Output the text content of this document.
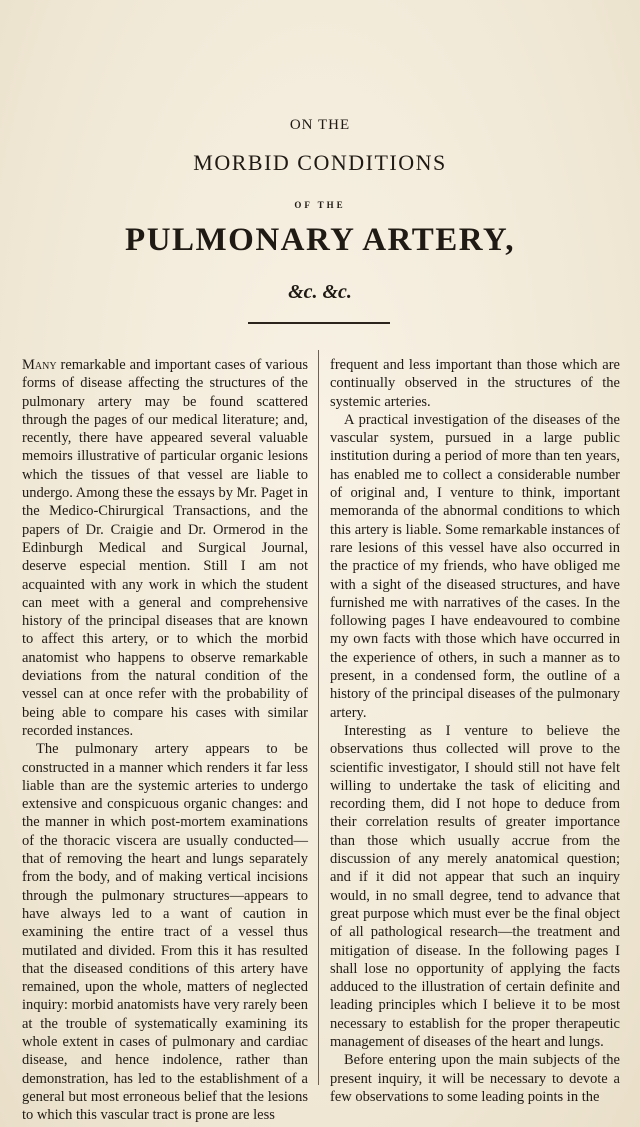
ON THE
MORBID CONDITIONS
OF THE
PULMONARY ARTERY,
&c. &c.

Many remarkable and important cases of various forms of disease affecting the structures of the pulmonary artery may be found scattered through the pages of our medical literature; and, recently, there have appeared several valuable memoirs illustrative of particular organic lesions which the tissues of that vessel are liable to undergo. Among these the essays by Mr. Paget in the Medico-Chirurgical Transactions, and the papers of Dr. Craigie and Dr. Ormerod in the Edinburgh Medical and Surgical Journal, deserve especial mention. Still I am not acquainted with any work in which the student can meet with a general and comprehensive history of the principal diseases that are known to affect this artery, or to which the morbid anatomist who happens to observe remarkable deviations from the natural condition of the vessel can at once refer with the probability of being able to compare his cases with similar recorded instances.

The pulmonary artery appears to be constructed in a manner which renders it far less liable than are the systemic arteries to undergo extensive and conspicuous organic changes: and the manner in which post-mortem examinations of the thoracic viscera are usually conducted—that of removing the heart and lungs separately from the body, and of making vertical incisions through the pulmonary structures—appears to have always led to a want of caution in examining the entire tract of a vessel thus mutilated and divided. From this it has resulted that the diseased conditions of this artery have remained, upon the whole, matters of neglected inquiry: morbid anatomists have very rarely been at the trouble of systematically examining its whole extent in cases of pulmonary and cardiac disease, and hence indolence, rather than demonstration, has led to the establishment of a general but most erroneous belief that the lesions to which this vascular tract is prone are less

frequent and less important than those which are continually observed in the structures of the systemic arteries.

A practical investigation of the diseases of the vascular system, pursued in a large public institution during a period of more than ten years, has enabled me to collect a considerable number of original and, I venture to think, important memoranda of the abnormal conditions to which this artery is liable. Some remarkable instances of rare lesions of this vessel have also occurred in the practice of my friends, who have obliged me with a sight of the diseased structures, and have furnished me with narratives of the cases. In the following pages I have endeavoured to combine my own facts with those which have occurred in the experience of others, in such a manner as to present, in a condensed form, the outline of a history of the principal diseases of the pulmonary artery.

Interesting as I venture to believe the observations thus collected will prove to the scientific investigator, I should still not have felt willing to undertake the task of eliciting and recording them, did I not hope to deduce from their correlation results of greater importance than those which usually accrue from the discussion of any merely anatomical question; and if it did not appear that such an inquiry would, in no small degree, tend to advance that great purpose which must ever be the final object of all pathological research—the treatment and mitigation of disease. In the following pages I shall lose no opportunity of applying the facts adduced to the illustration of certain definite and leading principles which I believe it to be most necessary to establish for the proper therapeutic management of diseases of the heart and lungs.

Before entering upon the main subjects of the present inquiry, it will be necessary to devote a few observations to some leading points in the
